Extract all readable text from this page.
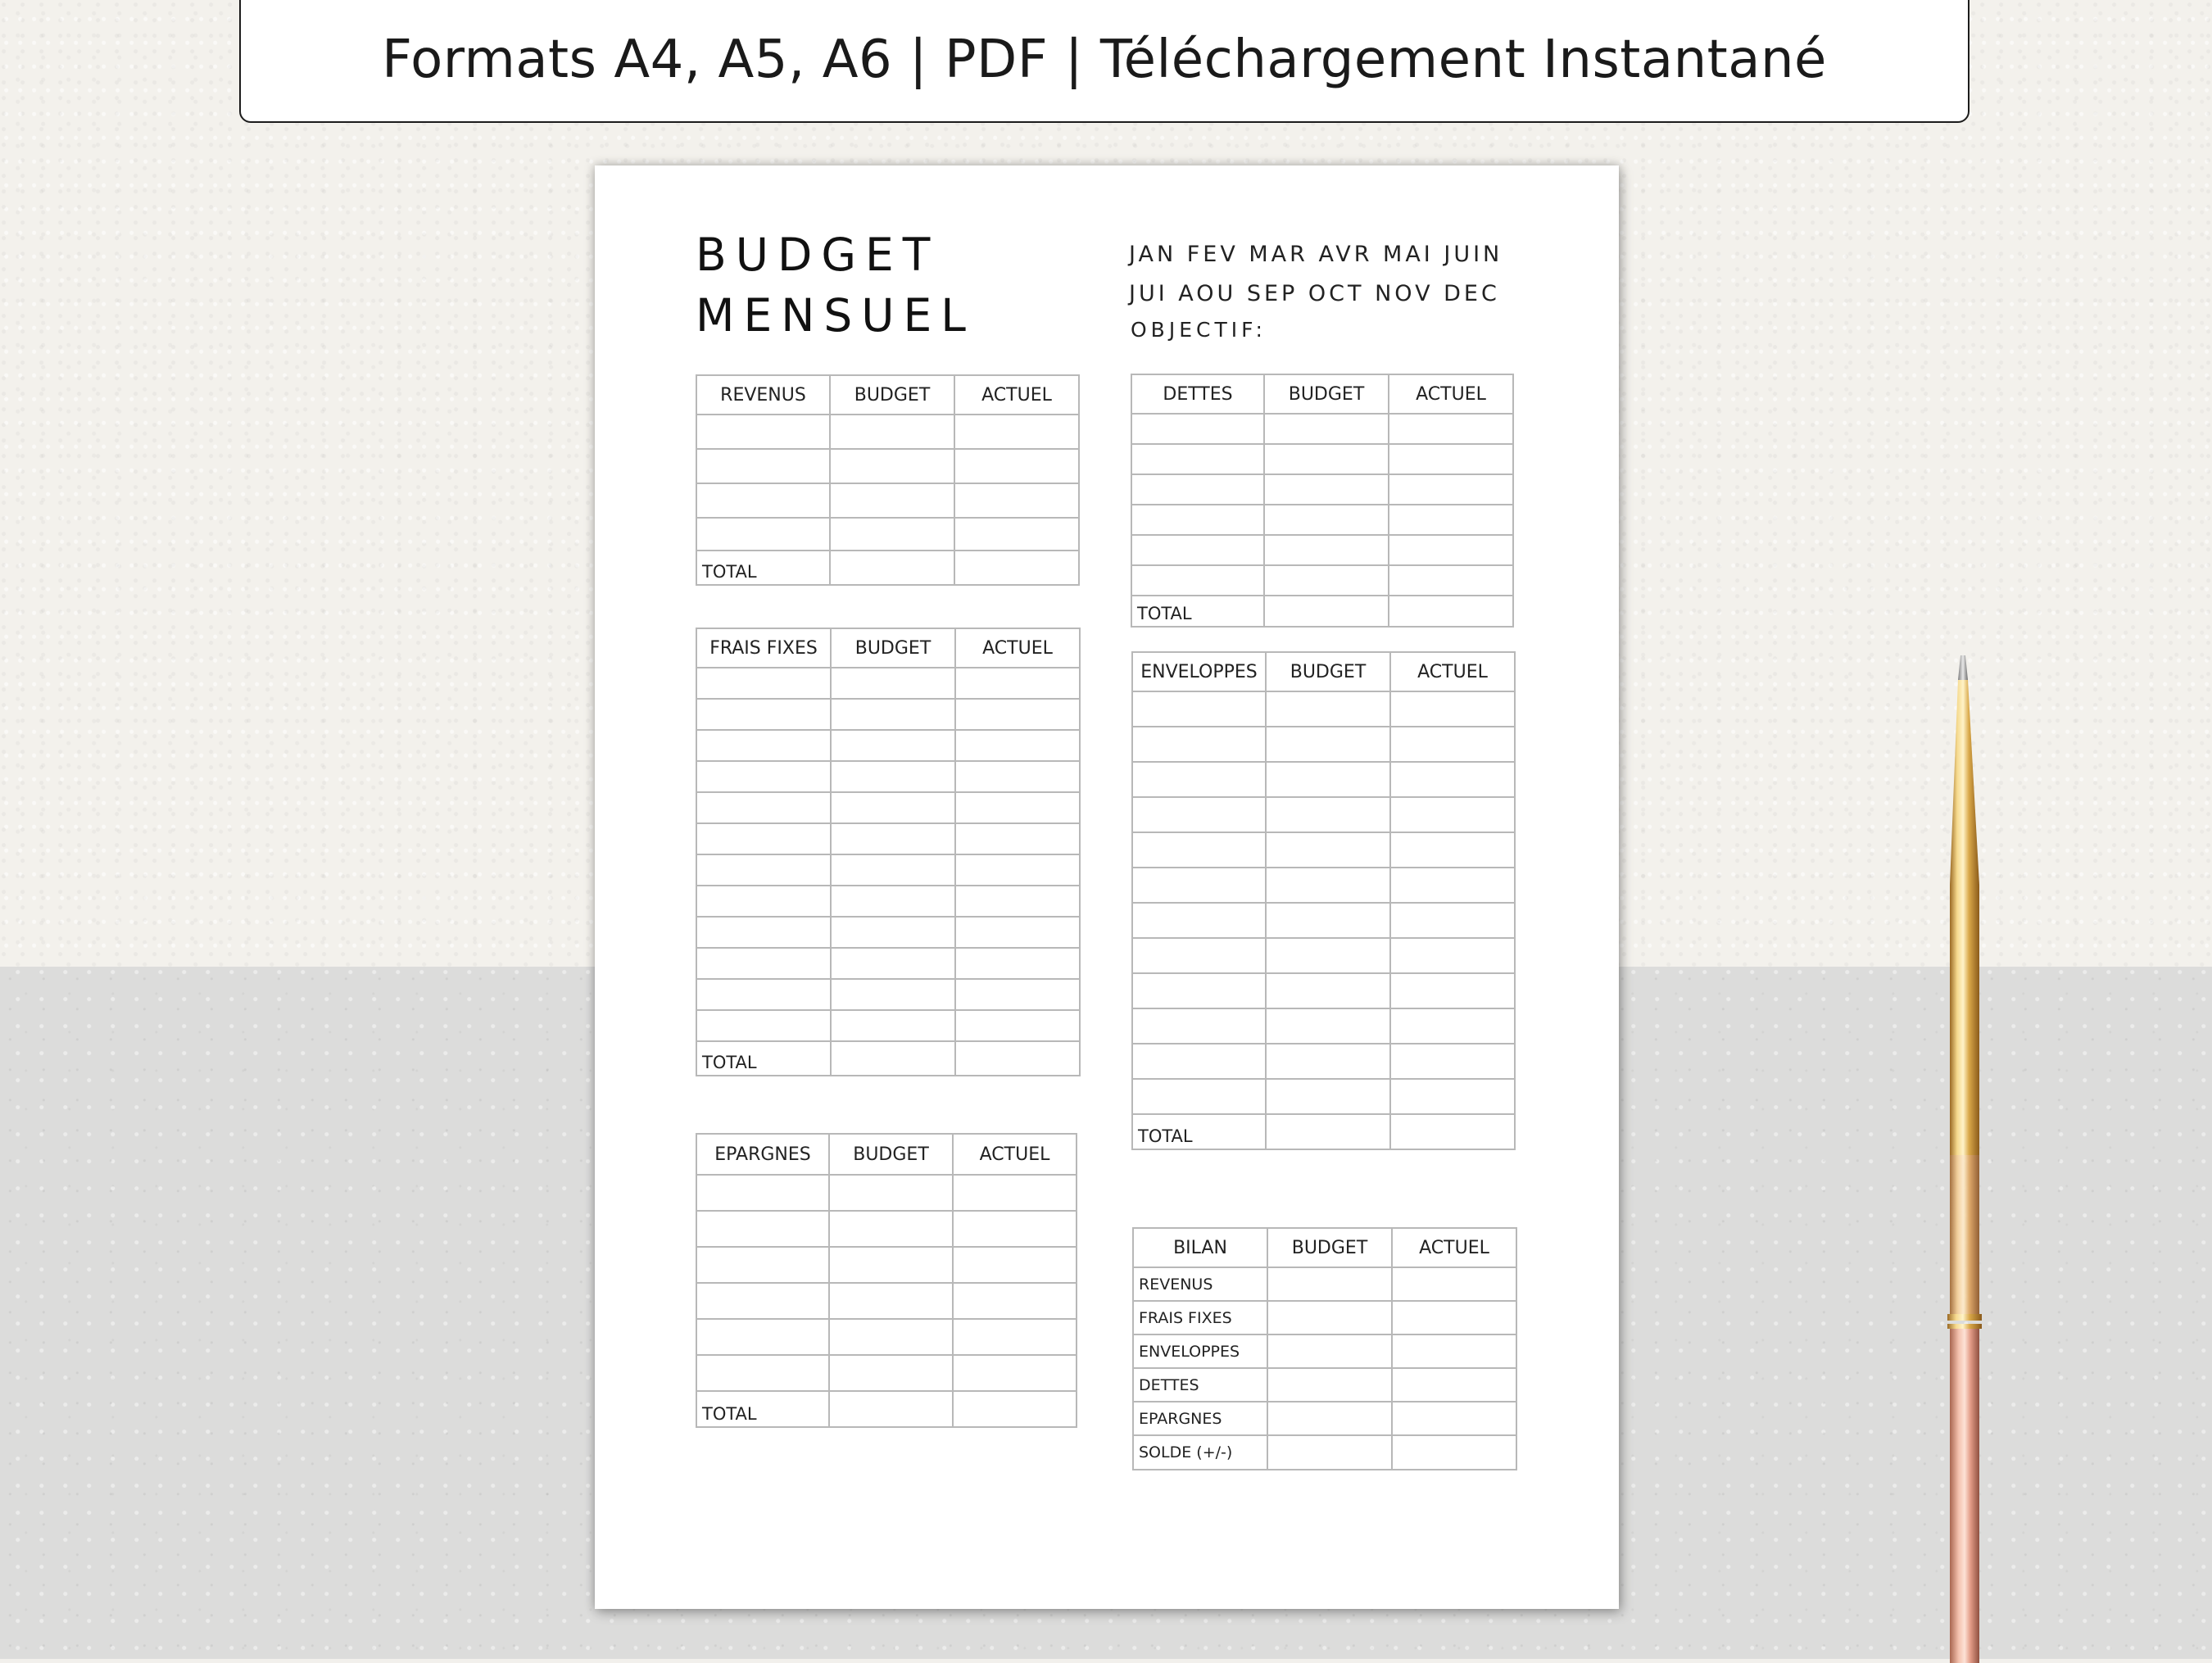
Formats A4, A5, A6 | PDF | Téléchargement Instantané
BUDGET
MENSUEL
JAN FEV MAR AVR MAI JUIN
JUI AOU SEP OCT NOV DEC
OBJECTIF:
REVENUS	BUDGET	ACTUEL

TOTAL		
FRAIS FIXES	BUDGET	ACTUEL

TOTAL		
EPARGNES	BUDGET	ACTUEL

TOTAL		
DETTES	BUDGET	ACTUEL

TOTAL		
ENVELOPPES	BUDGET	ACTUEL

TOTAL		
BILAN	BUDGET	ACTUEL
REVENUS		
FRAIS FIXES		
ENVELOPPES		
DETTES		
EPARGNES		
SOLDE (+/-)		
